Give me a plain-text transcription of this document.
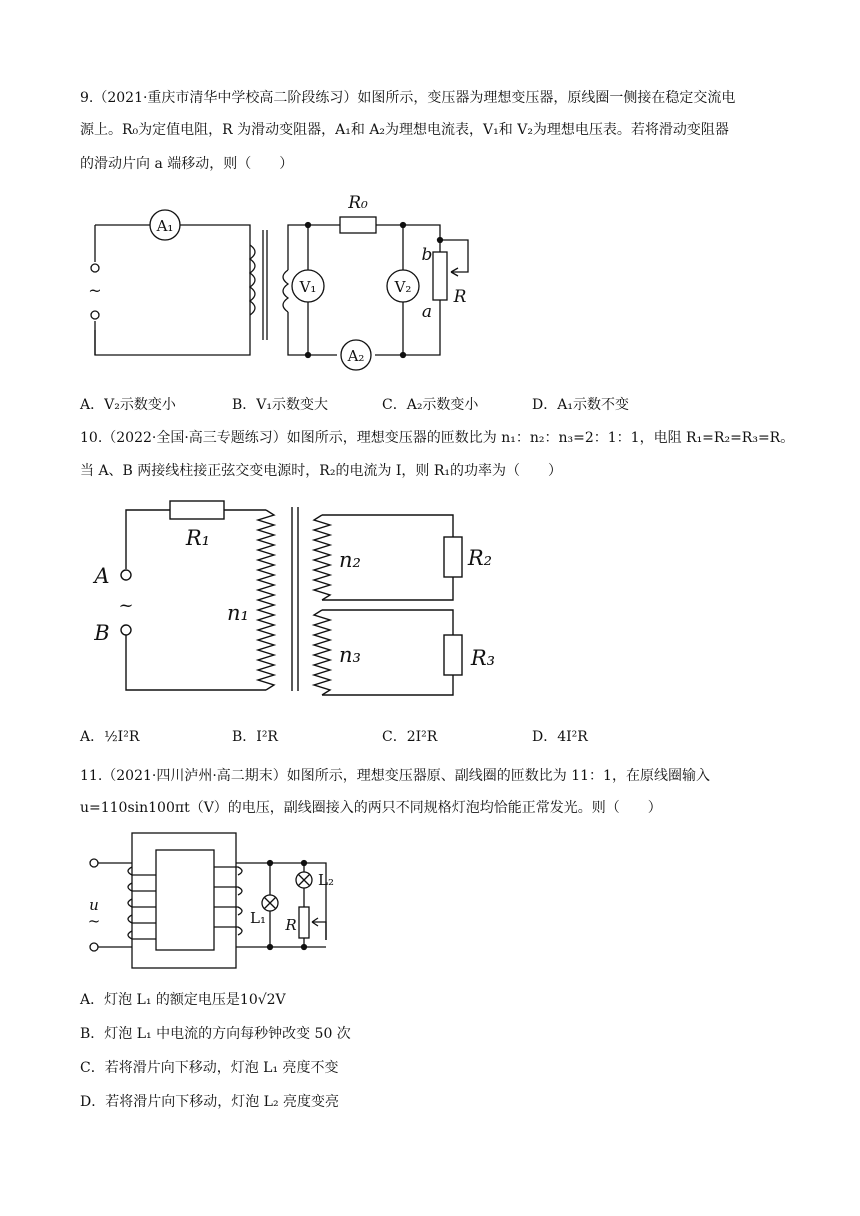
9.（2021·重庆市清华中学校高二阶段练习）如图所示，变压器为理想变压器，原线圈一侧接在稳定交流电
源上。R₀为定值电阻，R 为滑动变阻器，A₁和 A₂为理想电流表，V₁和 V₂为理想电压表。若将滑动变阻器
的滑动片向 a 端移动，则（　　）
A₁
~
R₀
V₁	V₂
A₂
b
a
R
A．V₂示数变小	B．V₁示数变大	C．A₂示数变小	D．A₁示数不变
10.（2022·全国·高三专题练习）如图所示，理想变压器的匝数比为 n₁：n₂：n₃=2：1：1，电阻 R₁=R₂=R₃=R。
当 A、B 两接线柱接正弦交变电源时，R₂的电流为 I，则 R₁的功率为（　　）
R₁
A
B
~	n₁
R₂
n₂
R₃
n₃
A．½I²R	B．I²R	C．2I²R	D．4I²R
11.（2021·四川泸州·高二期末）如图所示，理想变压器原、副线圈的匝数比为 11：1，在原线圈输入
u=110sin100πt（V）的电压，副线圈接入的两只不同规格灯泡均恰能正常发光。则（　　）
u
~	L₁
L₂
R
A．灯泡 L₁ 的额定电压是10√2V
B．灯泡 L₁ 中电流的方向每秒钟改变 50 次
C．若将滑片向下移动，灯泡 L₁ 亮度不变
D．若将滑片向下移动，灯泡 L₂ 亮度变亮
